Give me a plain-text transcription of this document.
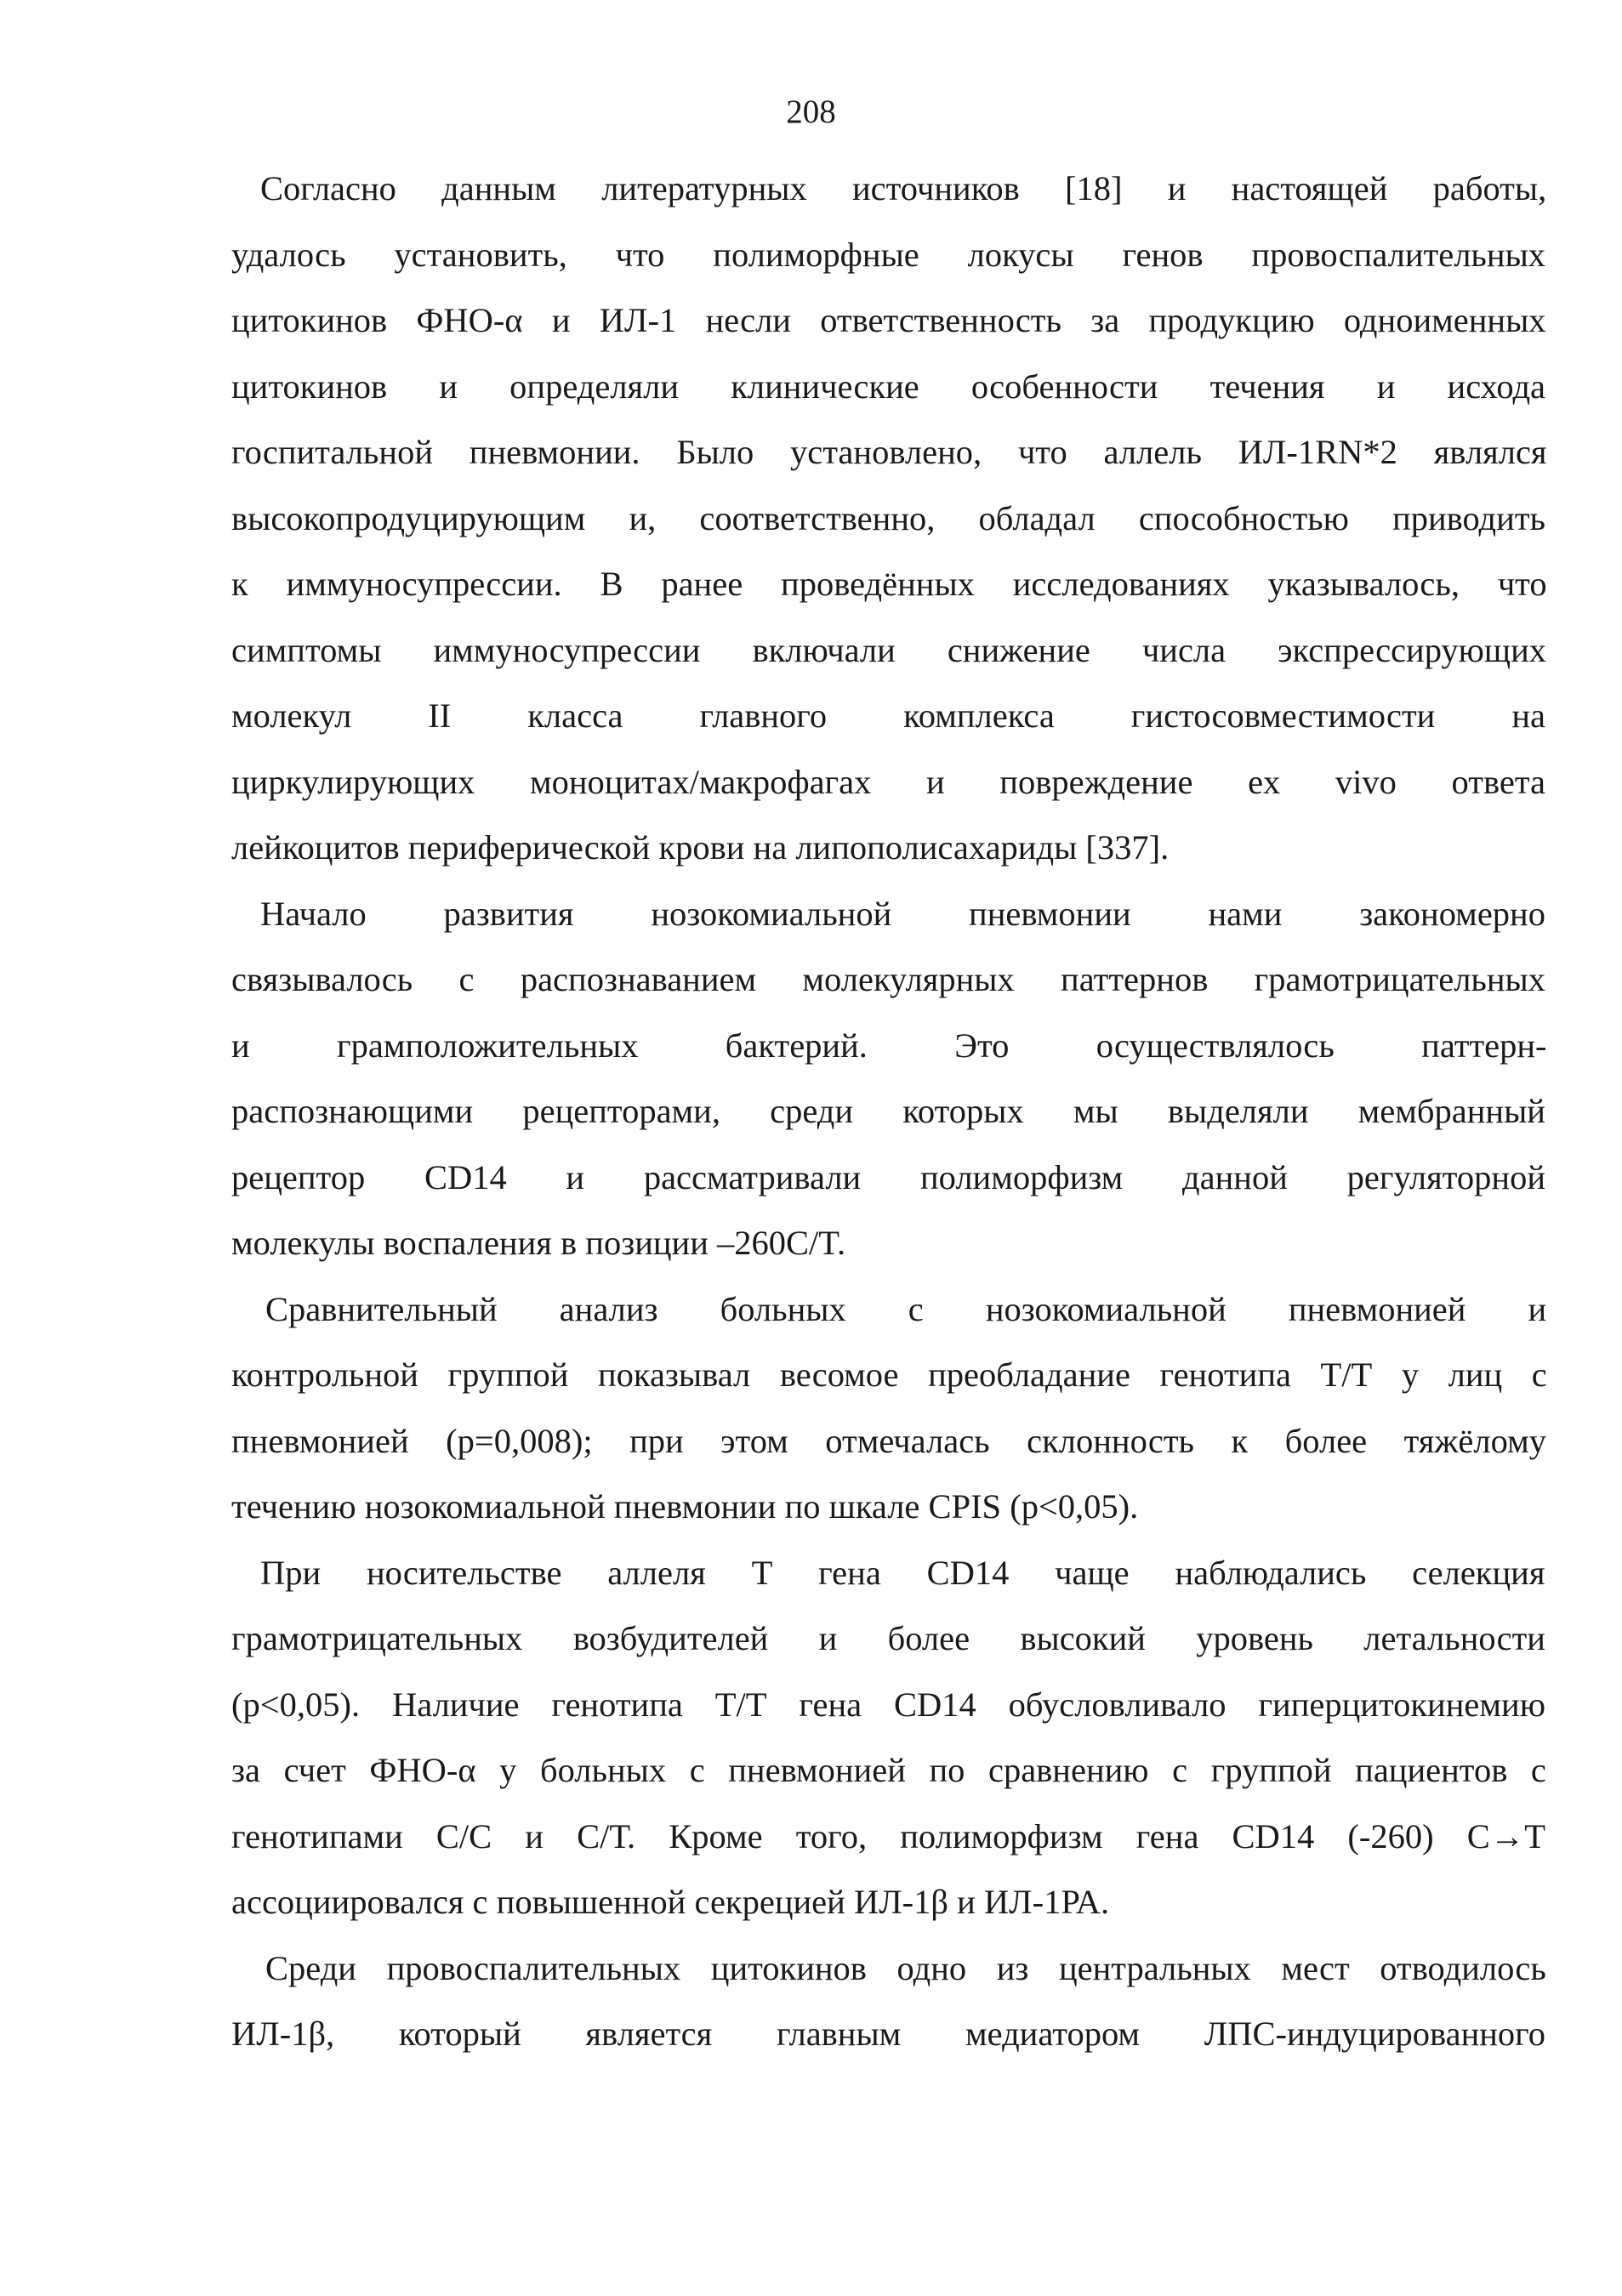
208

Согласно данным литературных источников [18] и настоящей работы,
удалось установить, что полиморфные локусы генов провоспалительных
цитокинов ФНО-α и ИЛ-1 несли ответственность за продукцию одноименных
цитокинов и определяли клинические особенности течения и исхода
госпитальной пневмонии. Было установлено, что аллель ИЛ-1RN*2 являлся
высокопродуцирующим и, соответственно, обладал способностью приводить
к иммуносупрессии. В ранее проведённых исследованиях указывалось, что
симптомы иммуносупрессии включали снижение числа экспрессирующих
молекул II класса главного комплекса гистосовместимости на
циркулирующих моноцитах/макрофагах и повреждение ex vivo ответа
лейкоцитов периферической крови на липополисахариды [337].

Начало развития нозокомиальной пневмонии нами закономерно
связывалось с распознаванием молекулярных паттернов грамотрицательных
и	грамположительных	бактерий.	Это	осуществлялось	паттерн-
распознающими рецепторами, среди которых мы выделяли мембранный
рецептор CD14 и рассматривали полиморфизм данной регуляторной
молекулы воспаления в позиции –260C/T.

Сравнительный анализ больных с нозокомиальной пневмонией и
контрольной группой показывал весомое преобладание генотипа T/T у лиц с
пневмонией (р=0,008); при этом отмечалась склонность к более тяжёлому
течению нозокомиальной пневмонии по шкале CPIS (р<0,05).

При носительстве аллеля Т гена CD14 чаще наблюдались селекция
грамотрицательных возбудителей и более высокий уровень летальности
(р<0,05). Наличие генотипа T/T гена CD14 обусловливало гиперцитокинемию
за счет ФНО-α у больных с пневмонией по сравнению с группой пациентов с
генотипами С/С и С/Т. Кроме того, полиморфизм гена CD14 (-260) C→T
ассоциировался с повышенной секрецией ИЛ-1β и ИЛ-1РА.

Среди провоспалительных цитокинов одно из центральных мест отводилось
ИЛ-1β, который является главным медиатором ЛПС-индуцированного
